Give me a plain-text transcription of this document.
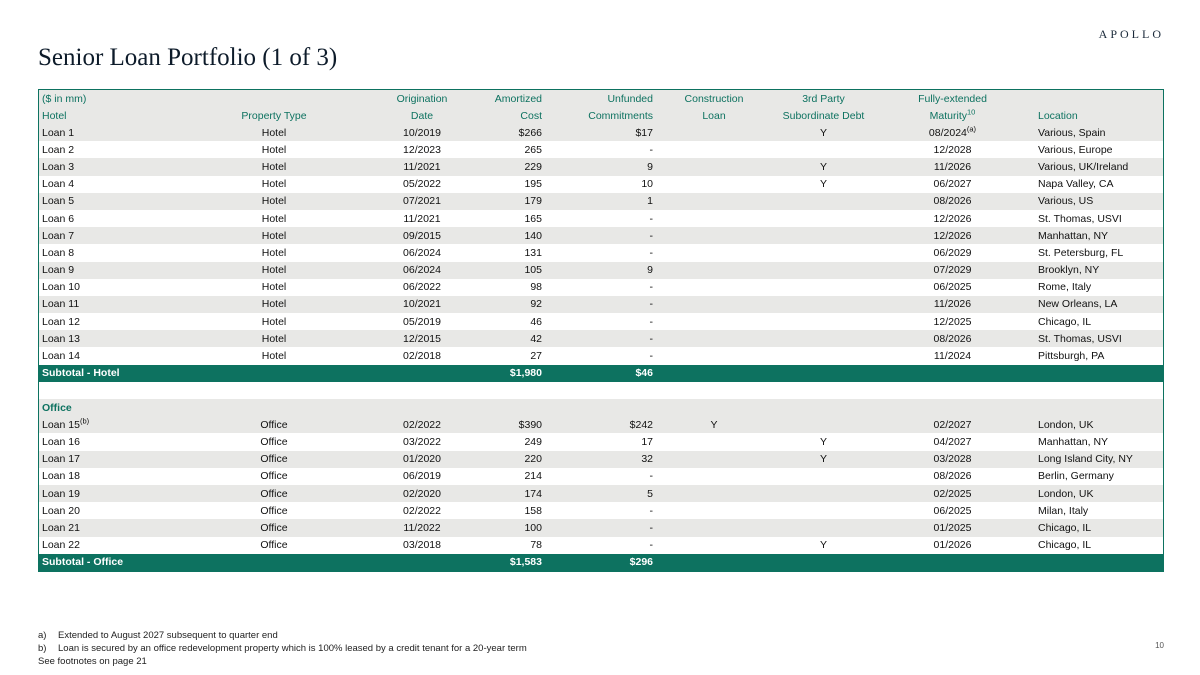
APOLLO
Senior Loan Portfolio (1 of 3)
($ in mm)		Origination	Amortized	Unfunded	Construction	3rd Party	Fully-extended	
Hotel	Property Type	Date	Cost	Commitments	Loan	Subordinate Debt	Maturity$^{10}$	Location
Loan 1	Hotel	10/2019	$266	$17		Y	08/2024$^{(a)}$	Various, Spain
Loan 2	Hotel	12/2023	265	-			12/2028	Various, Europe
Loan 3	Hotel	11/2021	229	9		Y	11/2026	Various, UK/Ireland
Loan 4	Hotel	05/2022	195	10		Y	06/2027	Napa Valley, CA
Loan 5	Hotel	07/2021	179	1			08/2026	Various, US
Loan 6	Hotel	11/2021	165	-			12/2026	St. Thomas, USVI
Loan 7	Hotel	09/2015	140	-			12/2026	Manhattan, NY
Loan 8	Hotel	06/2024	131	-			06/2029	St. Petersburg, FL
Loan 9	Hotel	06/2024	105	9			07/2029	Brooklyn, NY
Loan 10	Hotel	06/2022	98	-			06/2025	Rome, Italy
Loan 11	Hotel	10/2021	92	-			11/2026	New Orleans, LA
Loan 12	Hotel	05/2019	46	-			12/2025	Chicago, IL
Loan 13	Hotel	12/2015	42	-			08/2026	St. Thomas, USVI
Loan 14	Hotel	02/2018	27	-			11/2024	Pittsburgh, PA
Subtotal - Hotel			$1,980	$46				

Office								
Loan 15$^{(b)}$	Office	02/2022	$390	$242	Y		02/2027	London, UK
Loan 16	Office	03/2022	249	17		Y	04/2027	Manhattan, NY
Loan 17	Office	01/2020	220	32		Y	03/2028	Long Island City, NY
Loan 18	Office	06/2019	214	-			08/2026	Berlin, Germany
Loan 19	Office	02/2020	174	5			02/2025	London, UK
Loan 20	Office	02/2022	158	-			06/2025	Milan, Italy
Loan 21	Office	11/2022	100	-			01/2025	Chicago, IL
Loan 22	Office	03/2018	78	-		Y	01/2026	Chicago, IL
Subtotal - Office			$1,583	$296				
a)	Extended to August 2027 subsequent to quarter end
b)	Loan is secured by an office redevelopment property which is 100% leased by a credit tenant for a 20-year term
See footnotes on page 21
10
